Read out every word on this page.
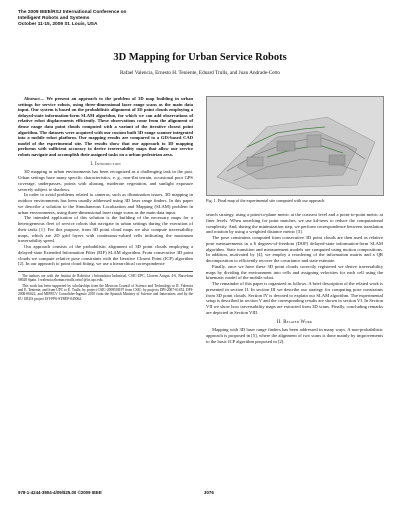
The 2009 IEEE/RSJ International Conference on
Intelligent Robots and Systems
October 11-15, 2009 St. Louis, USA
3D Mapping for Urban Service Robots
Rafael Valencia, Ernesto H. Teniente, Eduard Trulls, and Juan Andrade-Cetto

Abstract— We present an approach to the problem of 3D map building in urban settings for service robots, using three-dimensional laser range scans as the main data input. Our system is based on the probabilistic alignment of 3D point clouds employing a delayed-state information-form SLAM algorithm, for which we can add observations of relative robot displacements efficiently. These observations come from the alignment of dense range data point clouds computed with a variant of the iterative closest point algorithm. The datasets were acquired with our custom built 3D range scanner integrated into a mobile robot platform. Our mapping results are compared to a GIS-based CAD model of the experimental site. The results show that our approach to 3D mapping performs with sufficient accuracy to derive traversability maps that allow our service robots navigate and accomplish their assigned tasks on a urban pedestrian area.

I. Introduction

3D mapping in urban environments has been recognized as a challenging task in the past. Urban settings have many specific characteristics, e. g., non-flat terrain, occasional poor GPS coverage, underpasses, points with aliasing, moderate vegetation, and sunlight exposure severely subject to shadows.

In order to avoid problems related to cameras, such as illumination issues, 3D mapping in outdoor environments has been usually addressed using 3D laser range finders. In this paper we describe a solution to the Simultaneous Localization and Mapping (SLAM) problem in urban environments, using three-dimensional laser range scans as the main data input.

The intended application of this solution is the building of the necessary maps for a heterogeneous fleet of service robots that navigate in urban settings during the execution of their tasks [1]. For this purpose, from 3D point cloud maps we also compute traversability maps, which are 2D grid layers with continuous-valued cells indicating the maximum traversability speed.

Our approach consists of the probabilistic alignment of 3D point clouds employing a delayed-state Extended Information Filter (EIF) SLAM algorithm. From consecutive 3D point clouds we compute relative pose constraints with the Iterative Closest Point (ICP) algorithm [2]. In our approach to point cloud fitting, we use a hierarchical correspondence

The authors are with the Institut de Robòtica i Informàtica Industrial, CSIC-UPC, Llorens Artigas 4-6, Barcelona 08028 Spain. {rvalencia,ehomar,etrulls,cetto}@iri.upc.edu.

This work has been supported by scholarships from the Mexican Council of Science and Technology to R. Valencia and E. Teniente, and from UPC to E. Trulls; by project CSIC-200850I197 from CSIC; by projects DPI-2007-61452, DPI-2008-06022, and MIPRCV Consolider-Ingenio 2010 from the Spanish Ministry of Science and Innovation; and by the EU URUS project IST-FP6-STREP-045062.

Fig. 1. Final map of the experimental site computed with our approach.

search strategy, using a point-to-plane metric at the coarsest level and a point-to-point metric at finer levels. When searching for point matches, we use kd-trees to reduce the computational complexity. And, during the minimization step, we perform correspondence between translation and rotation by using a weighted distance metric [3].

The pose constraints computed from consecutive 3D point clouds are then used as relative pose measurements in a 6 degrees-of-freedom (DOF) delayed-state information-form SLAM algorithm. State transition and measurement models are computed using motion compositions. In addition, motivated by [4], we employ a reordering of the information matrix and a QR decomposition to efficiently recover the covariance and state estimate.

Finally, once we have these 3D point clouds correctly registered we derive traversability maps by dividing the environment into cells and assigning velocities for each cell using the kinematic model of the mobile robot.

The remainder of this paper is organized as follows. A brief description of the related work is presented in section II. In section III we describe our strategy for computing pose constraints from 3D point clouds. Section IV is devoted to explain our SLAM algorithm. The experimental setup is described in section V and the corresponding results are shown in section VI. In Section VII we show how traversability maps are extracted from 3D scans. Finally, concluding remarks are depicted in Section VIII.

II. Related Work

Mapping with 3D laser range finders has been addressed in many ways. A non-probabilistic approach is proposed in [5], where the alignment of two scans is done mainly by improvements to the basic ICP algorithm proposed in [2].

978-1-4244-3804-4/09/$25.00 ©2009 IEEE	3076
